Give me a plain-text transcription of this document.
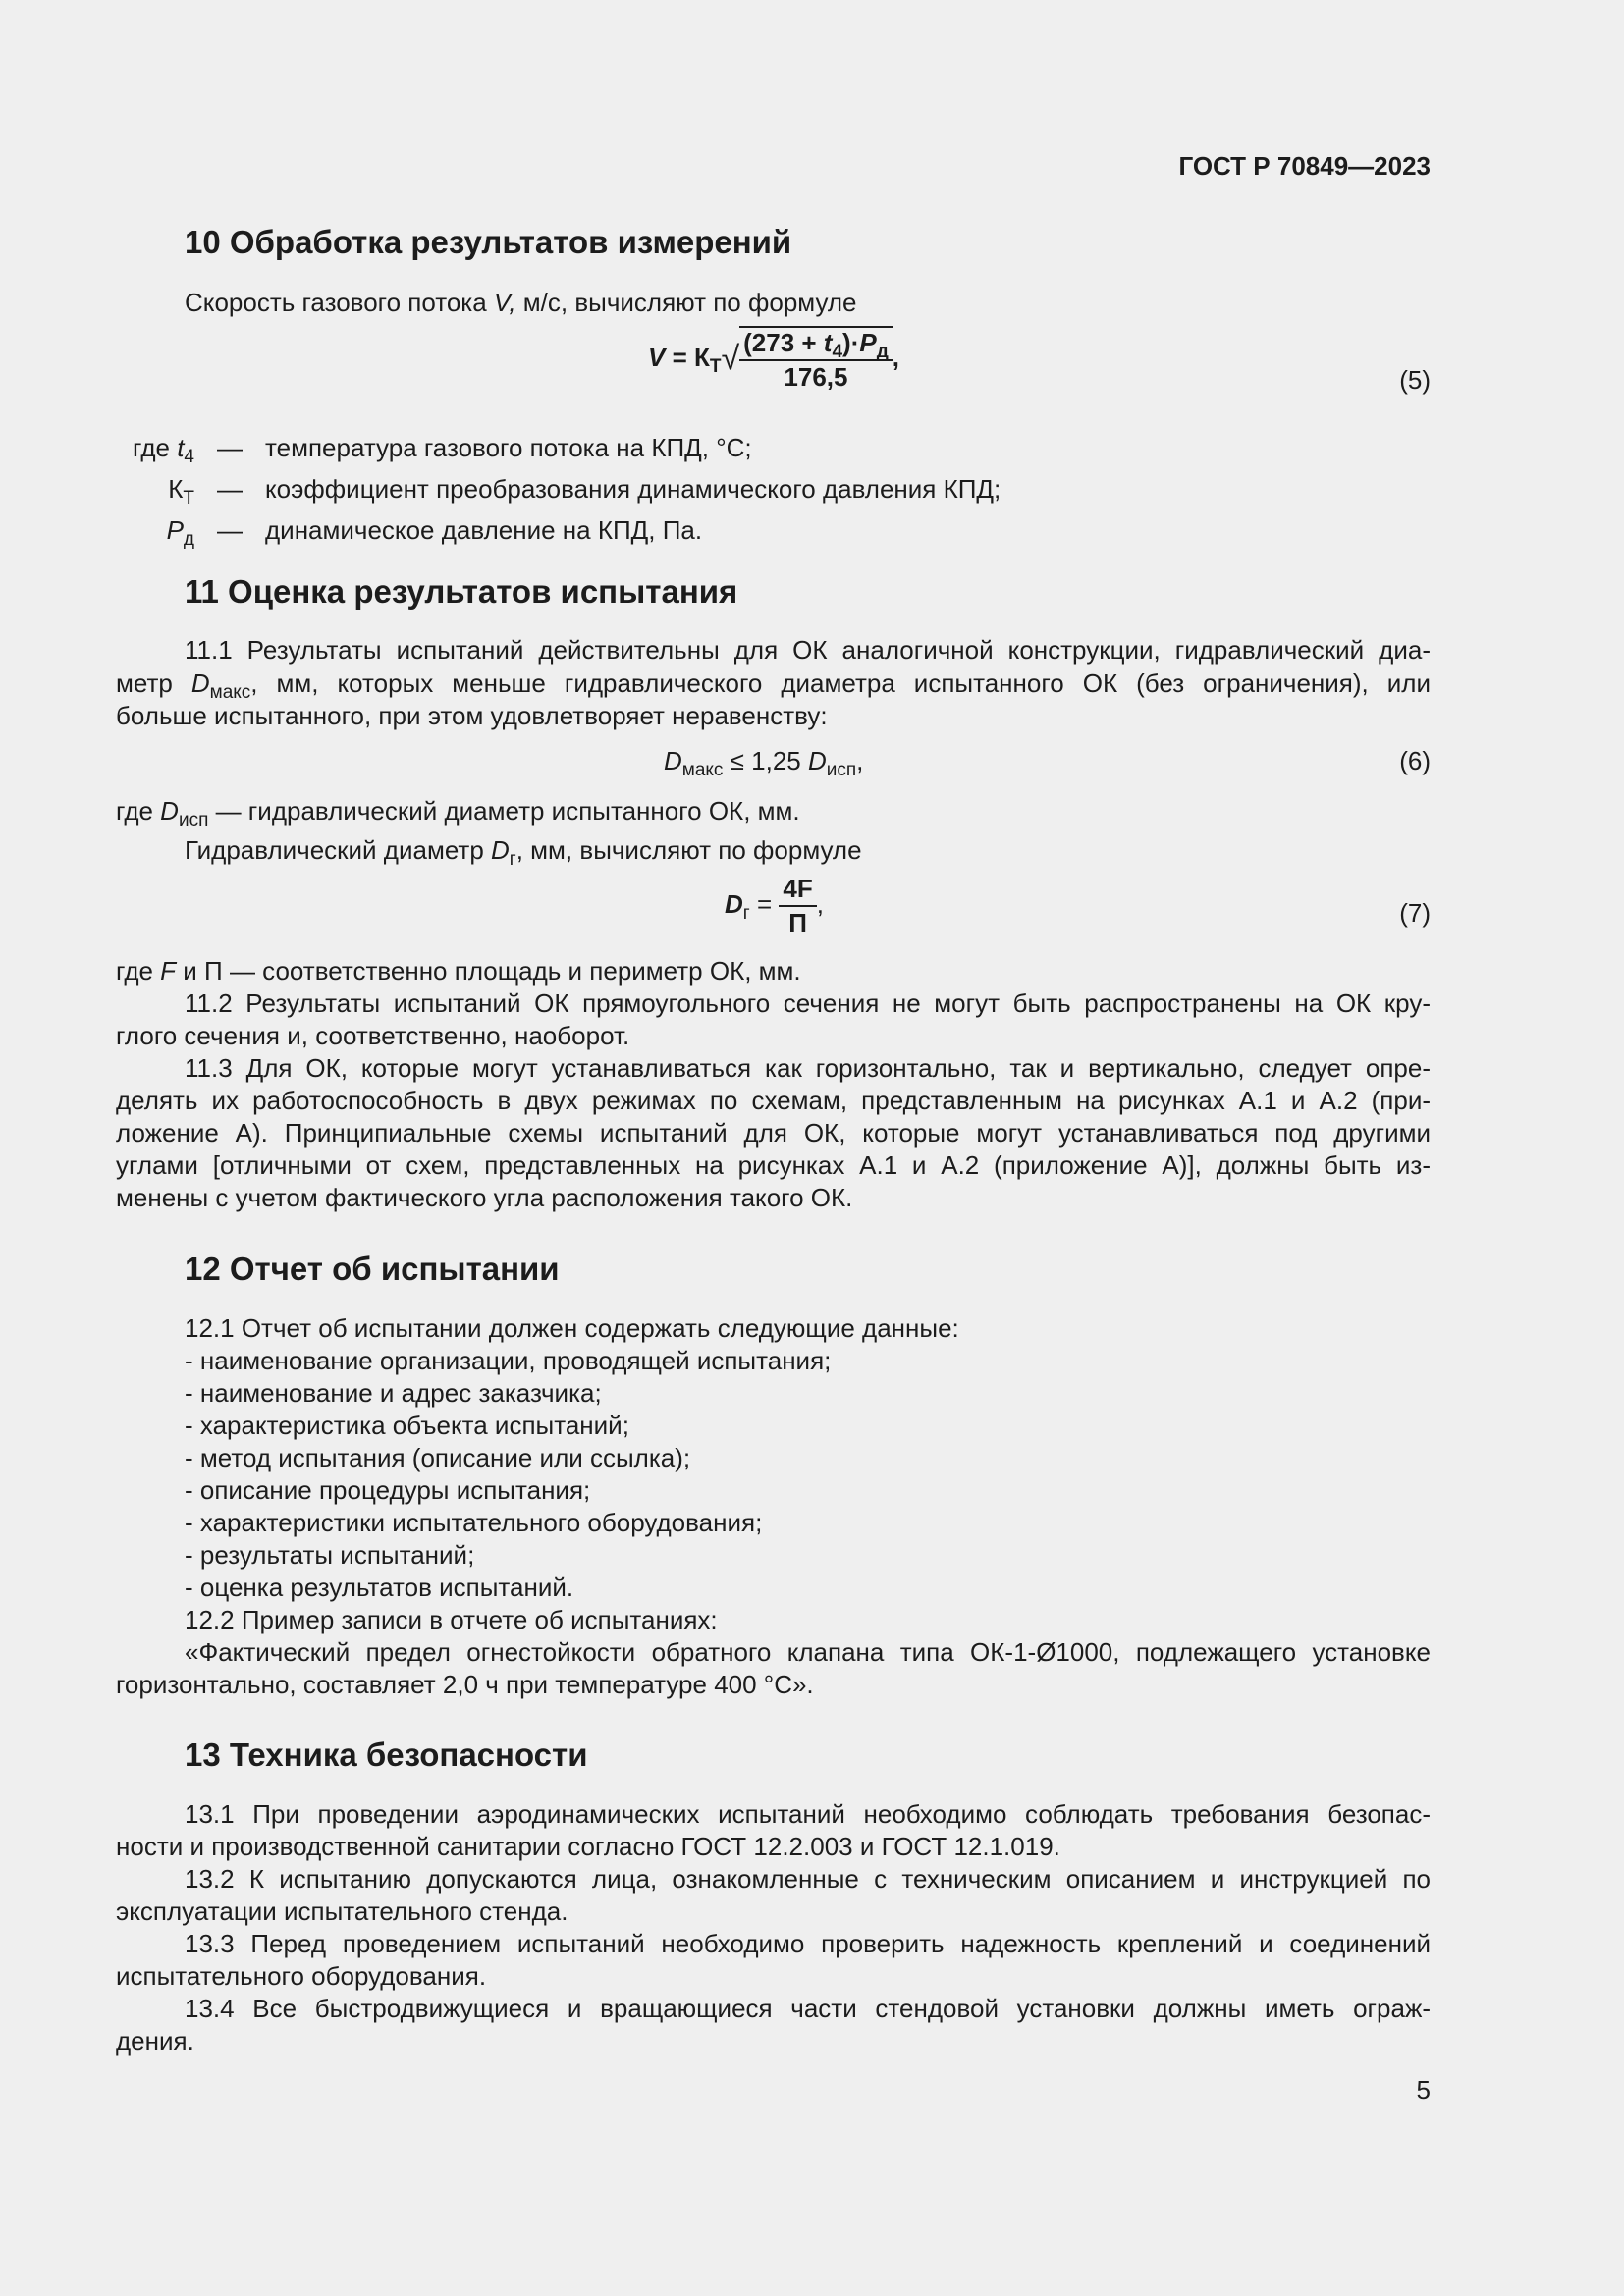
ГОСТ Р 70849—2023
10 Обработка результатов измерений
Скорость газового потока V, м/с, вычисляют по формуле
$V = К_T√ \frac{(273 + t_4)\cdot P_д}{176,5}$ ,
(5)
где $t_4$ — температура газового потока на КПД, °С;
$К_Т$ — коэффициент преобразования динамического давления КПД;
$P_д$ — динамическое давление на КПД, Па.
11 Оценка результатов испытания
11.1 Результаты испытаний действительны для ОК аналогичной конструкции, гидравлический диа-
метр $D_{макс}$, мм, которых меньше гидравлического диаметра испытанного ОК (без ограничения), или
больше испытанного, при этом удовлетворяет неравенству:
$D_{макс} \le 1,25$ $D_{исп}$,	(6)
где $D_{исп}$ — гидравлический диаметр испытанного ОК, мм.
Гидравлический диаметр $D_г$, мм, вычисляют по формуле
$D_г = \frac{4F}{П}$ ,	(7)
где F и П — соответственно площадь и периметр ОК, мм.
11.2 Результаты испытаний ОК прямоугольного сечения не могут быть распространены на ОК кру-
глого сечения и, соответственно, наоборот.
11.3 Для ОК, которые могут устанавливаться как горизонтально, так и вертикально, следует опре-
делять их работоспособность в двух режимах по схемам, представленным на рисунках А.1 и А.2 (при-
ложение А). Принципиальные схемы испытаний для ОК, которые могут устанавливаться под другими
углами [отличными от схем, представленных на рисунках А.1 и А.2 (приложение А)], должны быть из-
менены с учетом фактического угла расположения такого ОК.
12 Отчет об испытании
12.1 Отчет об испытании должен содержать следующие данные:
- наименование организации, проводящей испытания;
- наименование и адрес заказчика;
- характеристика объекта испытаний;
- метод испытания (описание или ссылка);
- описание процедуры испытания;
- характеристики испытательного оборудования;
- результаты испытаний;
- оценка результатов испытаний.
12.2 Пример записи в отчете об испытаниях:
«Фактический предел огнестойкости обратного клапана типа ОК-1-Ø1000, подлежащего установке
горизонтально, составляет 2,0 ч при температуре 400 °С».
13 Техника безопасности
13.1 При проведении аэродинамических испытаний необходимо соблюдать требования безопас-
ности и производственной санитарии согласно ГОСТ 12.2.003 и ГОСТ 12.1.019.
13.2 К испытанию допускаются лица, ознакомленные с техническим описанием и инструкцией по
эксплуатации испытательного стенда.
13.3 Перед проведением испытаний необходимо проверить надежность креплений и соединений
испытательного оборудования.
13.4 Все быстродвижущиеся и вращающиеся части стендовой установки должны иметь ограж-
дения.
5
